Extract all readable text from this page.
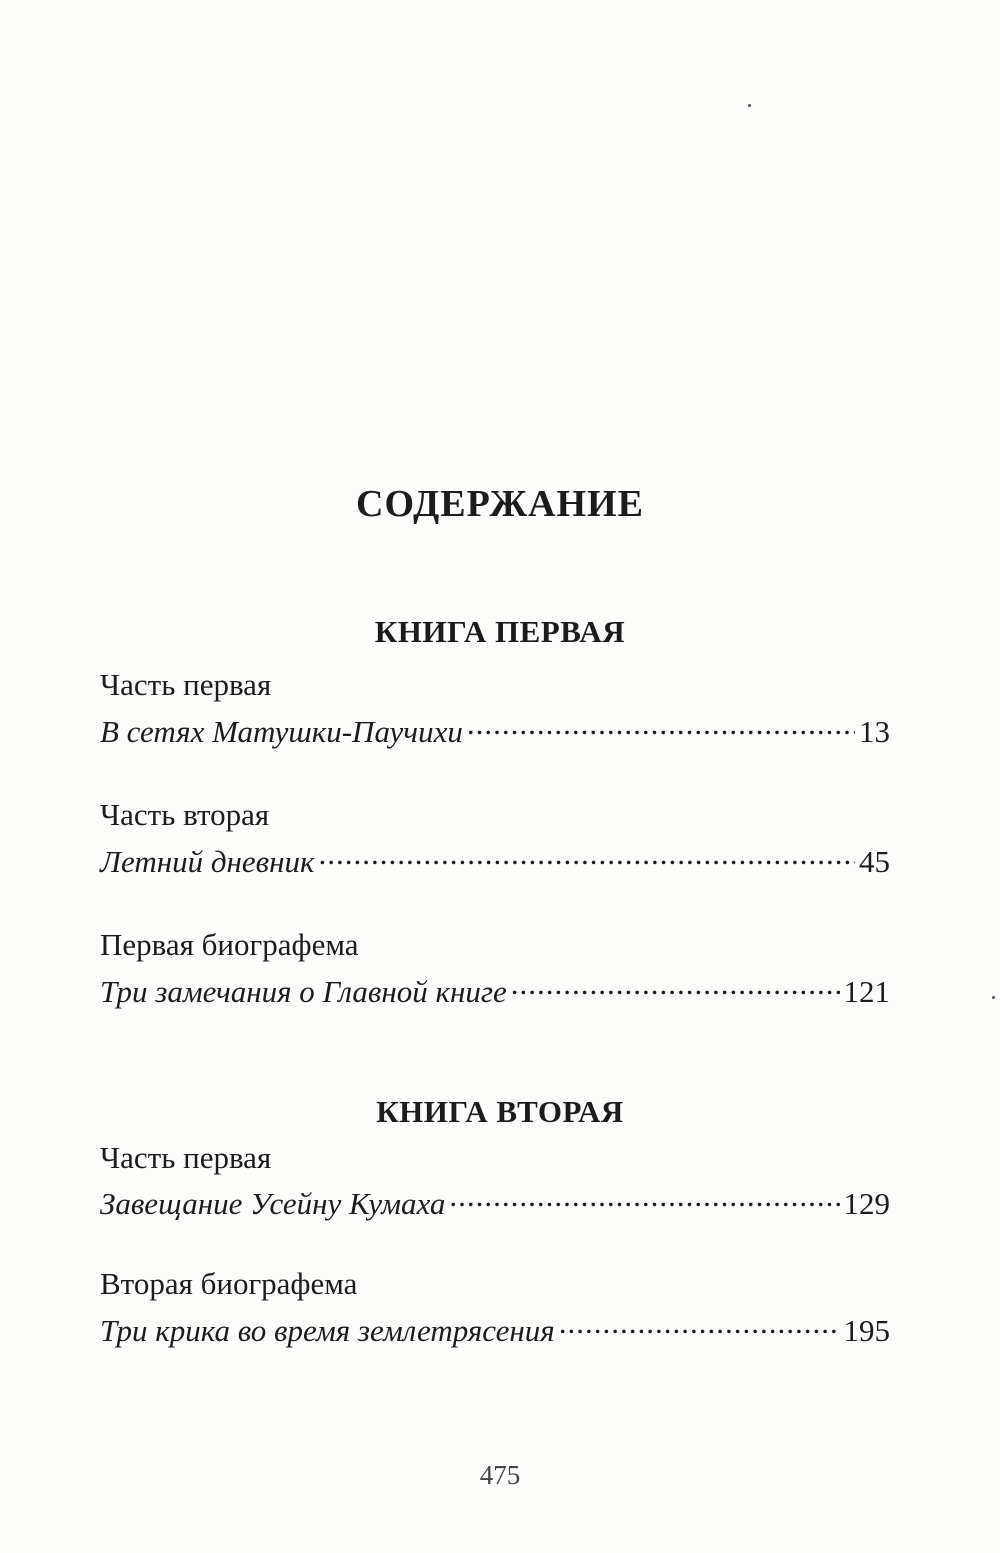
СОДЕРЖАНИЕ
КНИГА ПЕРВАЯ

Часть первая

В сетях Матушки-Паучихи .....	13

Часть вторая

Летний дневник .....	45

Первая биографема

Три замечания о Главной книге .....	121
КНИГА ВТОРАЯ

Часть первая

Завещание Усейну Кумаха .....	129

Вторая биографема

Три крика во время землетрясения .....	195
475
